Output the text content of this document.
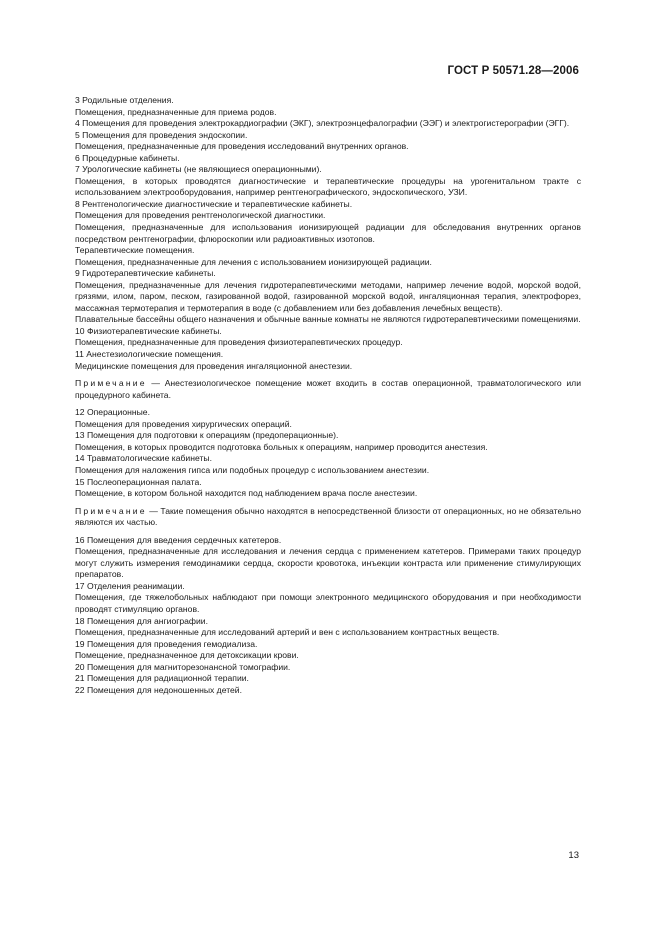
ГОСТ Р 50571.28—2006

3 Родильные отделения.

Помещения, предназначенные для приема родов.

4 Помещения для проведения электрокардиографии (ЭКГ), электроэнцефалографии (ЭЭГ) и электрогистерографии (ЭГГ).

5 Помещения для проведения эндоскопии.

Помещения, предназначенные для проведения исследований внутренних органов.

6 Процедурные кабинеты.

7 Урологические кабинеты (не являющиеся операционными).

Помещения, в которых проводятся диагностические и терапевтические процедуры на урогенитальном тракте с использованием электрооборудования, например рентгенографического, эндоскопического, УЗИ.

8 Рентгенологические диагностические и терапевтические кабинеты.

Помещения для проведения рентгенологической диагностики.

Помещения, предназначенные для использования ионизирующей радиации для обследования внутренних органов посредством рентгенографии, флюроскопии или радиоактивных изотопов.

Терапевтические помещения.

Помещения, предназначенные для лечения с использованием ионизирующей радиации.

9 Гидротерапевтические кабинеты.

Помещения, предназначенные для лечения гидротерапевтическими методами, например лечение водой, морской водой, грязями, илом, паром, песком, газированной водой, газированной морской водой, ингаляционная терапия, электрофорез, массажная термотерапия и термотерапия в воде (с добавлением или без добавления лечебных веществ).

Плавательные бассейны общего назначения и обычные ванные комнаты не являются гидротерапевтическими помещениями.

10 Физиотерапевтические кабинеты.

Помещения, предназначенные для проведения физиотерапевтических процедур.

11 Анестезиологические помещения.

Медицинские помещения для проведения ингаляционной анестезии.

Примечание — Анестезиологическое помещение может входить в состав операционной, травматологического или процедурного кабинета.

12 Операционные.

Помещения для проведения хирургических операций.

13 Помещения для подготовки к операциям (предоперационные).

Помещения, в которых проводится подготовка больных к операциям, например проводится анестезия.

14 Травматологические кабинеты.

Помещения для наложения гипса или подобных процедур с использованием анестезии.

15 Послеоперационная палата.

Помещение, в котором больной находится под наблюдением врача после анестезии.

Примечание — Такие помещения обычно находятся в непосредственной близости от операционных, но не обязательно являются их частью.

16 Помещения для введения сердечных катетеров.

Помещения, предназначенные для исследования и лечения сердца с применением катетеров. Примерами таких процедур могут служить измерения гемодинамики сердца, скорости кровотока, инъекции контраста или применение стимулирующих препаратов.

17 Отделения реанимации.

Помещения, где тяжелобольных наблюдают при помощи электронного медицинского оборудования и при необходимости проводят стимуляцию органов.

18 Помещения для ангиографии.

Помещения, предназначенные для исследований артерий и вен с использованием контрастных веществ.

19 Помещения для проведения гемодиализа.

Помещение, предназначенное для детоксикации крови.

20 Помещения для магниторезонансной томографии.

21 Помещения для радиационной терапии.

22 Помещения для недоношенных детей.

13
